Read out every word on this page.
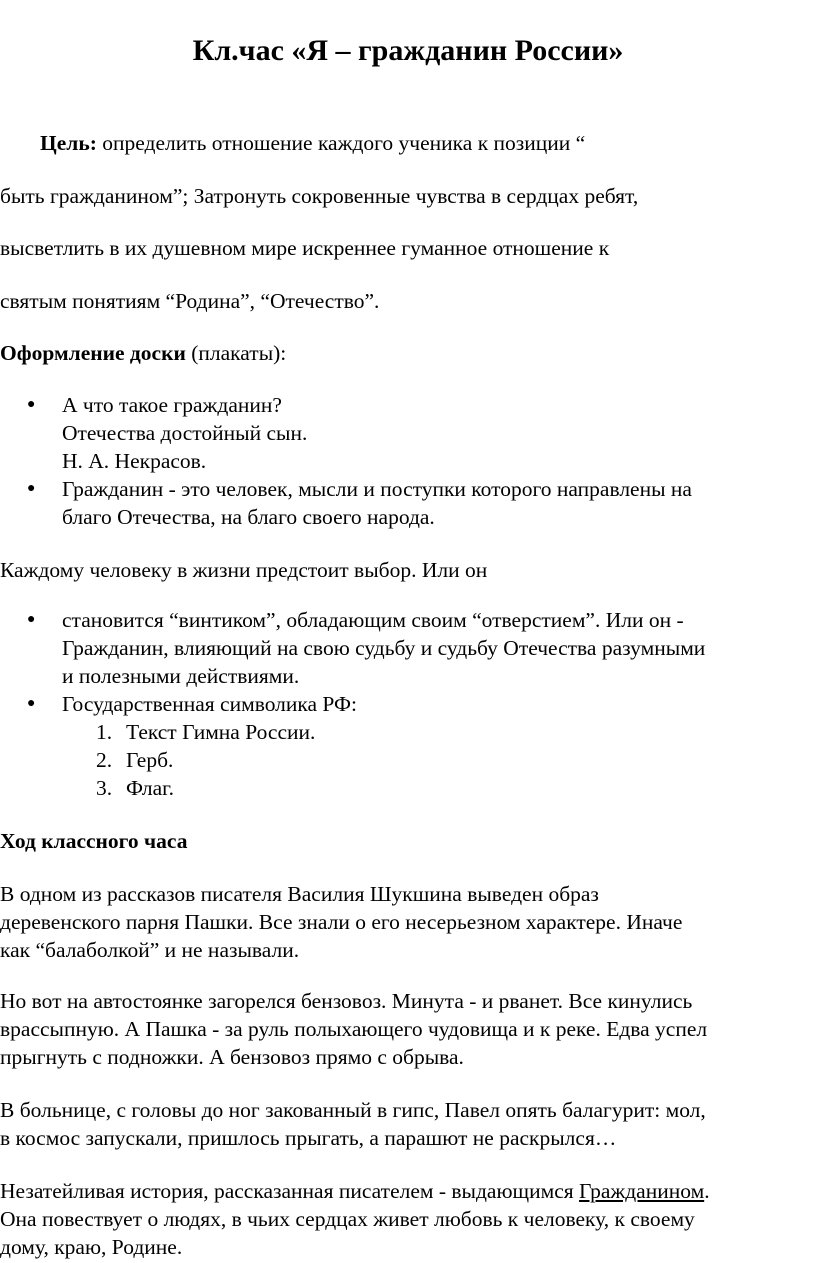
Кл.час «Я – гражданин России»
Цель: определить отношение каждого ученика к позиции “
быть гражданином”; Затронуть сокровенные чувства в сердцах ребят,
высветлить в их душевном мире искреннее гуманное отношение к
святым понятиям “Родина”, “Отечество”.
Оформление доски (плакаты):
● А что такое гражданин?
Отечества достойный сын.
Н. А. Некрасов.
● Гражданин - это человек, мысли и поступки которого направлены на
благо Отечества, на благо своего народа.
Каждому человеку в жизни предстоит выбор. Или он
● становится “винтиком”, обладающим своим “отверстием”. Или он -
Гражданин, влияющий на свою судьбу и судьбу Отечества разумными
и полезными действиями.
● Государственная символика РФ:
1. Текст Гимна России.
2. Герб.
3. Флаг.
Ход классного часа
В одном из рассказов писателя Василия Шукшина выведен образ
деревенского парня Пашки. Все знали о его несерьезном характере. Иначе
как “балаболкой” и не называли.
Но вот на автостоянке загорелся бензовоз. Минута - и рванет. Все кинулись
врассыпную. А Пашка - за руль полыхающего чудовища и к реке. Едва успел
прыгнуть с подножки. А бензовоз прямо с обрыва.
В больнице, с головы до ног закованный в гипс, Павел опять балагурит: мол,
в космос запускали, пришлось прыгать, а парашют не раскрылся…
Незатейливая история, рассказанная писателем - выдающимся Гражданином.
Она повествует о людях, в чьих сердцах живет любовь к человеку, к своему
дому, краю, Родине.
